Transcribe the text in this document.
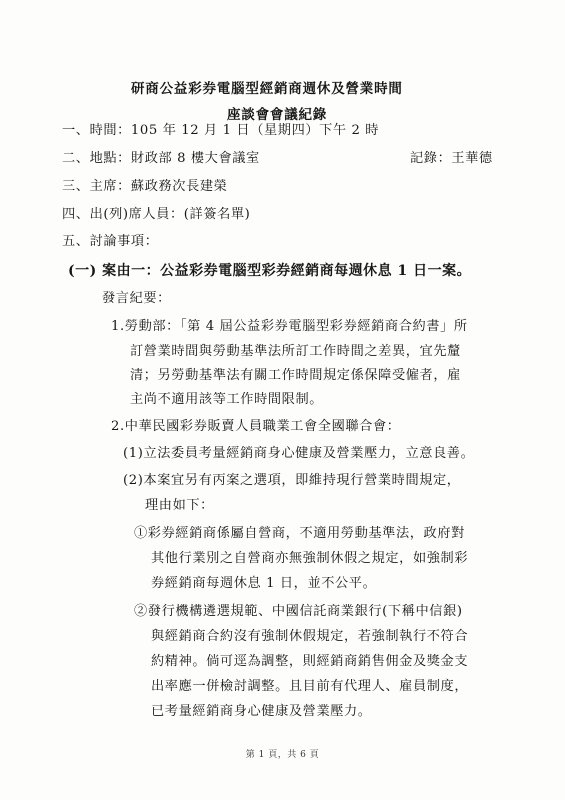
研商公益彩券電腦型經銷商週休及營業時間
座談會會議紀錄
一、時間：105 年 12 月 1 日（星期四）下午 2 時
二、地點：財政部 8 樓大會議室	記錄：王華德
三、主席：蘇政務次長建榮
四、出(列)席人員：(詳簽名單)
五、討論事項：
(一) 案由一：公益彩券電腦型彩券經銷商每週休息 1 日一案。
發言紀要：
1.勞動部：「第 4 屆公益彩券電腦型彩券經銷商合約書」所
訂營業時間與勞動基準法所訂工作時間之差異，宜先釐
清；另勞動基準法有關工作時間規定係保障受僱者，雇
主尚不適用該等工作時間限制。
2.中華民國彩券販賣人員職業工會全國聯合會：
(1)立法委員考量經銷商身心健康及營業壓力，立意良善。
(2)本案宜另有丙案之選項，即維持現行營業時間規定，
理由如下：
①彩券經銷商係屬自營商，不適用勞動基準法，政府對
其他行業別之自營商亦無強制休假之規定，如強制彩
券經銷商每週休息 1 日，並不公平。
②發行機構遴選規範、中國信託商業銀行(下稱中信銀)
與經銷商合約沒有強制休假規定，若強制執行不符合
約精神。倘可逕為調整，則經銷商銷售佣金及獎金支
出率應一併檢討調整。且目前有代理人、雇員制度，
已考量經銷商身心健康及營業壓力。
第 1 頁，共 6 頁
